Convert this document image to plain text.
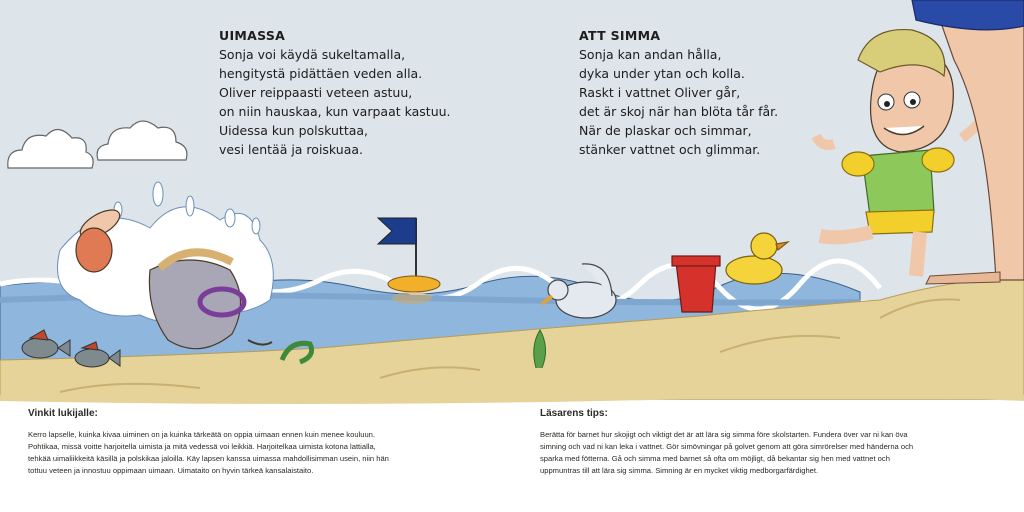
UIMASSA
Sonja voi käydä sukeltamalla,
hengitystä pidättäen veden alla.
Oliver reippaasti veteen astuu,
on niin hauskaa, kun varpaat kastuu.
Uidessa kun polskuttaa,
vesi lentää ja roiskuaa.
ATT SIMMA
Sonja kan andan hålla,
dyka under ytan och kolla.
Raskt i vattnet Oliver går,
det är skoj när han blöta tår får.
När de plaskar och simmar,
stänker vattnet och glimmar.
Vinkit lukijalle:
Kerro lapselle, kuinka kivaa uiminen on ja kuinka tärkeätä on oppia uimaan ennen kuin menee kouluun.
Pohtikaa, missä voitte harjoitella uimista ja mitä vedessä voi leikkiä. Harjoitelkaa uimista kotona lattialla,
tehkää uimaliikkeitä käsillä ja polskikaa jaloilla. Käy lapsen kanssa uimassa mahdollisimman usein, niin hän
tottuu veteen ja innostuu oppimaan uimaan. Uimataito on hyvin tärkeä kansalaistaito.
Läsarens tips:
Berätta för barnet hur skojigt och viktigt det är att lära sig simma före skolstarten. Fundera över var ni kan öva
simning och vad ni kan leka i vattnet. Gör simövningar på golvet genom att göra simrörelser med händerna och
sparka med fötterna. Gå och simma med barnet så ofta om möjligt, då bekantar sig hen med vattnet och
uppmuntras till att lära sig simma. Simning är en mycket viktig medborgarfärdighet.
